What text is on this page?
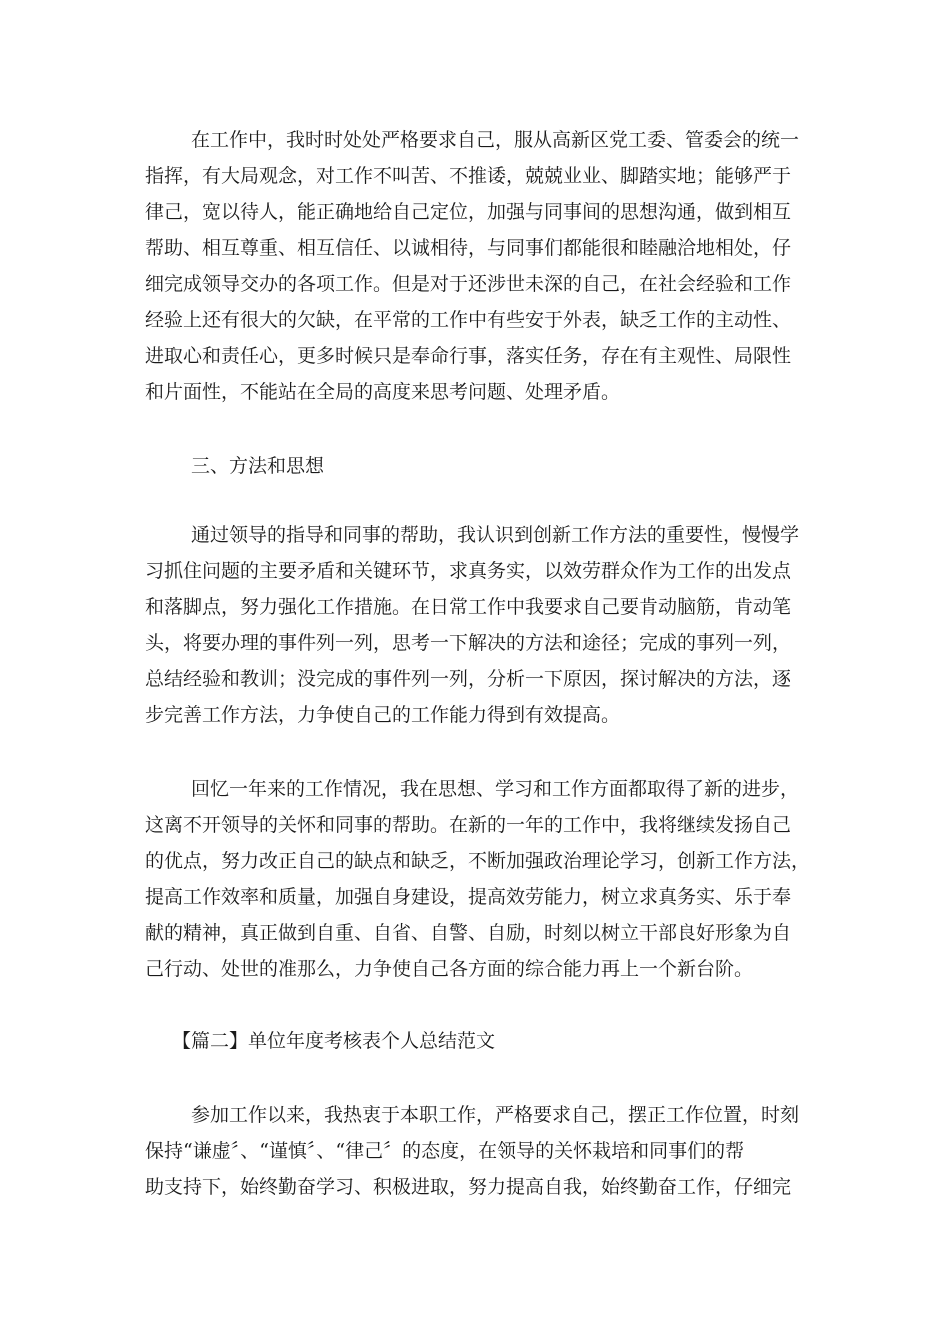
在工作中，我时时处处严格要求自己，服从高新区党工委、管委会的统一
指挥，有大局观念，对工作不叫苦、不推诿，兢兢业业、脚踏实地；能够严于
律己，宽以待人，能正确地给自己定位，加强与同事间的思想沟通，做到相互
帮助、相互尊重、相互信任、以诚相待，与同事们都能很和睦融洽地相处，仔
细完成领导交办的各项工作。但是对于还涉世未深的自己，在社会经验和工作
经验上还有很大的欠缺，在平常的工作中有些安于外表，缺乏工作的主动性、
进取心和责任心，更多时候只是奉命行事，落实任务，存在有主观性、局限性
和片面性，不能站在全局的高度来思考问题、处理矛盾。
三、方法和思想
通过领导的指导和同事的帮助，我认识到创新工作方法的重要性，慢慢学
习抓住问题的主要矛盾和关键环节，求真务实，以效劳群众作为工作的出发点
和落脚点，努力强化工作措施。在日常工作中我要求自己要肯动脑筋，肯动笔
头，将要办理的事件列一列，思考一下解决的方法和途径；完成的事列一列，
总结经验和教训；没完成的事件列一列，分析一下原因，探讨解决的方法，逐
步完善工作方法，力争使自己的工作能力得到有效提高。
回忆一年来的工作情况，我在思想、学习和工作方面都取得了新的进步，
这离不开领导的关怀和同事的帮助。在新的一年的工作中，我将继续发扬自己
的优点，努力改正自己的缺点和缺乏，不断加强政治理论学习，创新工作方法，
提高工作效率和质量，加强自身建设，提高效劳能力，树立求真务实、乐于奉
献的精神，真正做到自重、自省、自警、自励，时刻以树立干部良好形象为自
己行动、处世的准那么，力争使自己各方面的综合能力再上一个新台阶。
【篇二】单位年度考核表个人总结范文
参加工作以来，我热衷于本职工作，严格要求自己，摆正工作位置，时刻
保持“谦虚〞、“谨慎〞、“律己〞的态度，在领导的关怀栽培和同事们的帮
助支持下，始终勤奋学习、积极进取，努力提高自我，始终勤奋工作，仔细完
